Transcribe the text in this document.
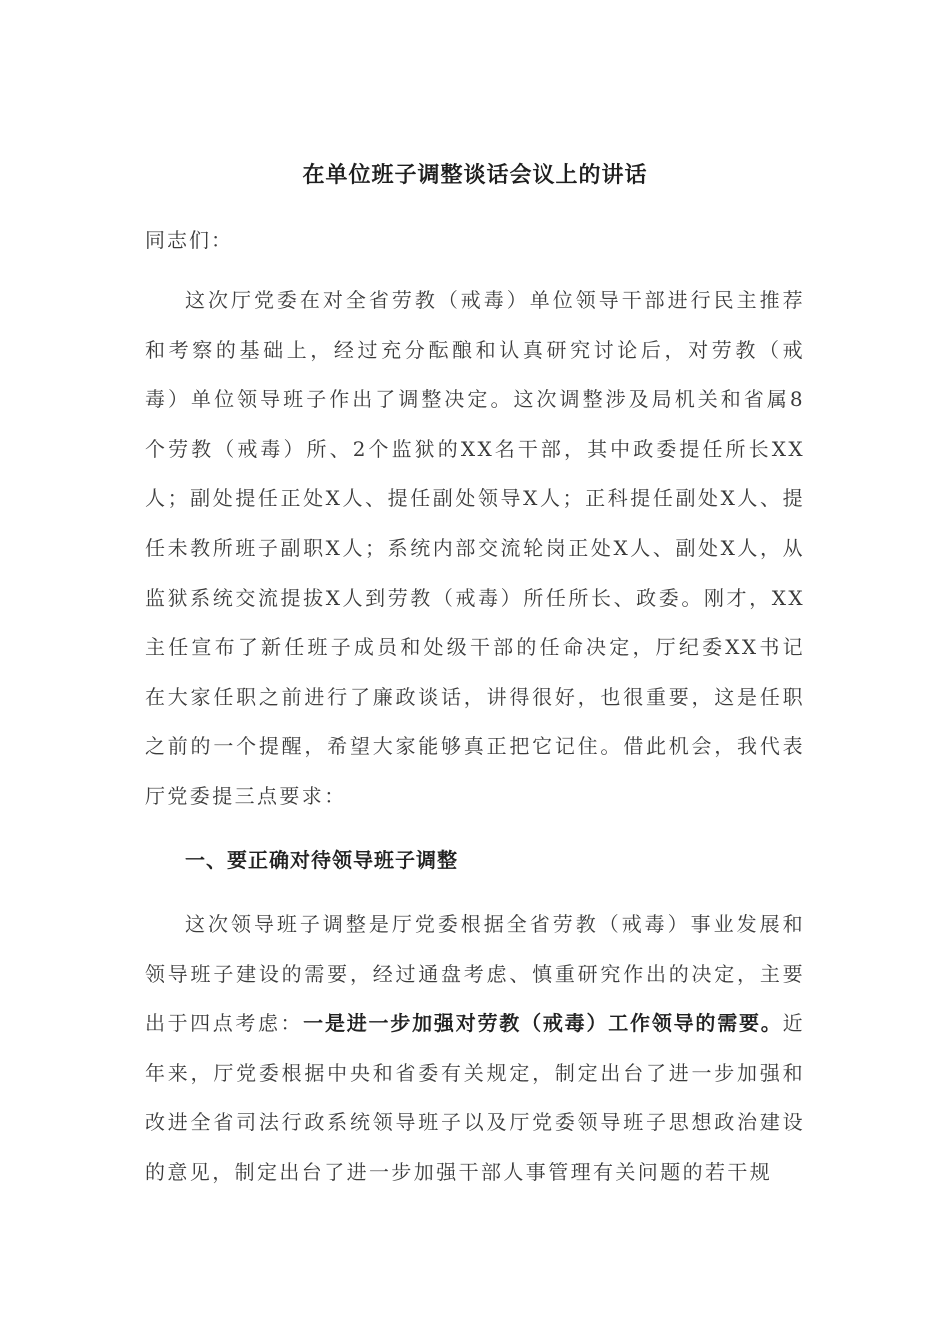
在单位班子调整谈话会议上的讲话
同志们：

这次厅党委在对全省劳教（戒毒）单位领导干部进行民主推荐和考察的基础上，经过充分酝酿和认真研究讨论后，对劳教（戒毒）单位领导班子作出了调整决定。这次调整涉及局机关和省属8个劳教（戒毒）所、2个监狱的XX名干部，其中政委提任所长XX人；副处提任正处X人、提任副处领导X人；正科提任副处X人、提任未教所班子副职X人；系统内部交流轮岗正处X人、副处X人，从监狱系统交流提拔X人到劳教（戒毒）所任所长、政委。刚才，XX主任宣布了新任班子成员和处级干部的任命决定，厅纪委XX书记在大家任职之前进行了廉政谈话，讲得很好，也很重要，这是任职之前的一个提醒，希望大家能够真正把它记住。借此机会，我代表厅党委提三点要求：

一、要正确对待领导班子调整

这次领导班子调整是厅党委根据全省劳教（戒毒）事业发展和领导班子建设的需要，经过通盘考虑、慎重研究作出的决定，主要出于四点考虑：一是进一步加强对劳教（戒毒）工作领导的需要。近年来，厅党委根据中央和省委有关规定，制定出台了进一步加强和改进全省司法行政系统领导班子以及厅党委领导班子思想政治建设的意见，制定出台了进一步加强干部人事管理有关问题的若干规
